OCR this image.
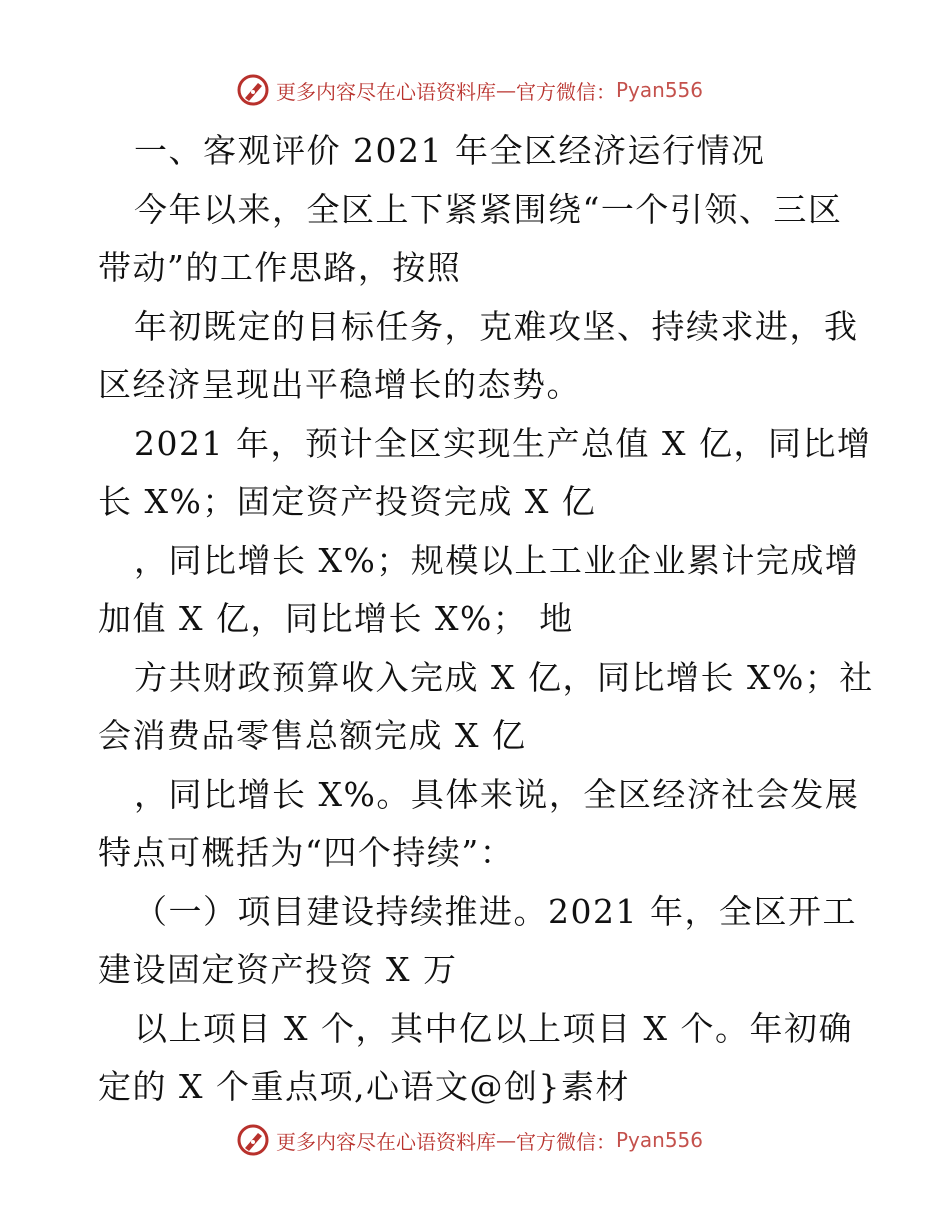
更多内容尽在心语资料库 — 官方微信： Pyan556
一、客观评价 2021 年全区经济运行情况
今年以来，全区上下紧紧围绕“一个引领、三区
带动”的工作思路，按照
年初既定的目标任务，克难攻坚、持续求进，我
区经济呈现出平稳增长的态势。
2021 年，预计全区实现生产总值 X 亿，同比增
长 X%；固定资产投资完成 X 亿
，同比增长 X%；规模以上工业企业累计完成增
加值 X 亿，同比增长 X%； 地
方共财政预算收入完成 X 亿，同比增长 X%；社
会消费品零售总额完成 X 亿
，同比增长 X%。具体来说，全区经济社会发展
特点可概括为“四个持续”：
（一）项目建设持续推进。2021 年，全区开工
建设固定资产投资 X 万
以上项目 X 个，其中亿以上项目 X 个。年初确
定的 X 个重点项,心语文@创}素材
更多内容尽在心语资料库 — 官方微信： Pyan556
